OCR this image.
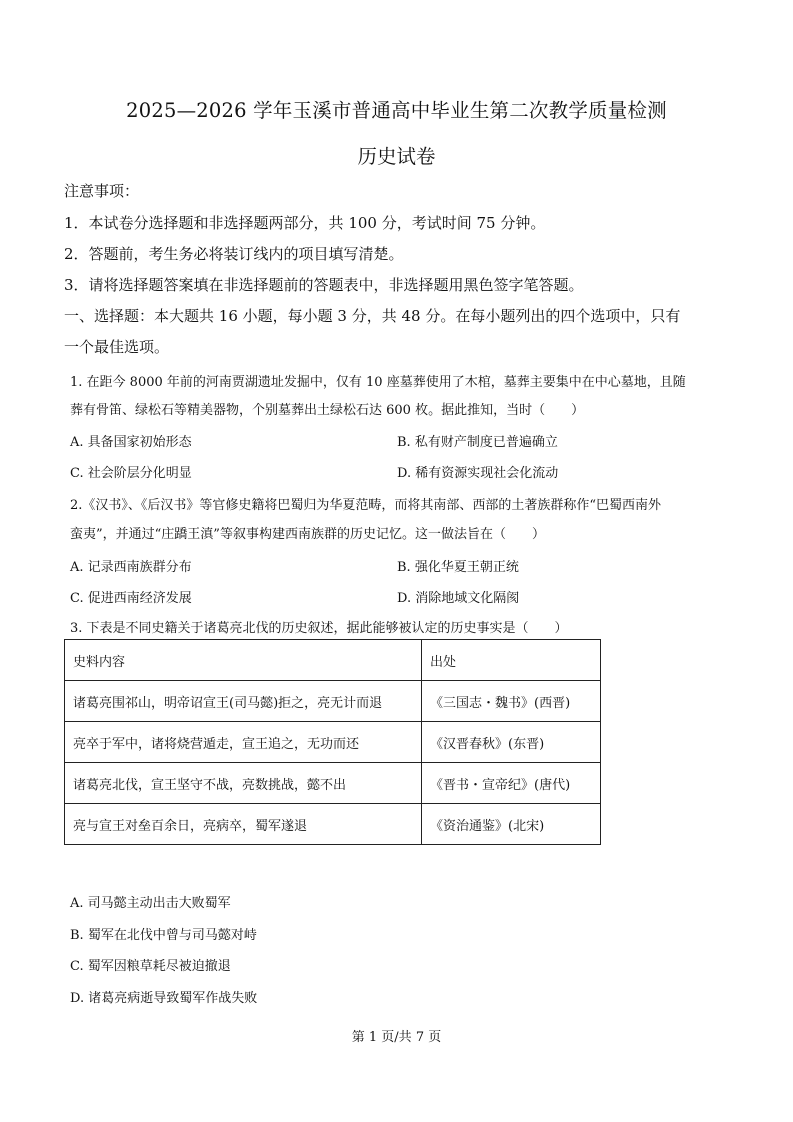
2025—2026 学年玉溪市普通高中毕业生第二次教学质量检测
历史试卷
注意事项：
1．本试卷分选择题和非选择题两部分，共 100 分，考试时间 75 分钟。
2．答题前，考生务必将装订线内的项目填写清楚。
3．请将选择题答案填在非选择题前的答题表中，非选择题用黑色签字笔答题。
一、选择题：本大题共 16 小题，每小题 3 分，共 48 分。在每小题列出的四个选项中，只有
一个最佳选项。
1. 在距今 8000 年前的河南贾湖遗址发掘中，仅有 10 座墓葬使用了木棺，墓葬主要集中在中心墓地，且随
葬有骨笛、绿松石等精美器物，个别墓葬出土绿松石达 600 枚。据此推知，当时（　　）
A. 具备国家初始形态	B. 私有财产制度已普遍确立
C. 社会阶层分化明显	D. 稀有资源实现社会化流动
2.《汉书》、《后汉书》等官修史籍将巴蜀归为华夏范畴，而将其南部、西部的土著族群称作“巴蜀西南外
蛮夷”，并通过“庄蹻王滇”等叙事构建西南族群的历史记忆。这一做法旨在（　　）
A. 记录西南族群分布	B. 强化华夏王朝正统
C. 促进西南经济发展	D. 消除地域文化隔阂
3. 下表是不同史籍关于诸葛亮北伐的历史叙述，据此能够被认定的历史事实是（　　）
史料内容	出处
诸葛亮围祁山，明帝诏宣王(司马懿)拒之，亮无计而退	《三国志・魏书》(西晋)
亮卒于军中，诸将烧营遁走，宣王追之，无功而还	《汉晋春秋》(东晋)
诸葛亮北伐，宣王坚守不战，亮数挑战，懿不出	《晋书・宣帝纪》(唐代)
亮与宣王对垒百余日，亮病卒，蜀军遂退	《资治通鉴》(北宋)
A. 司马懿主动出击大败蜀军
B. 蜀军在北伐中曾与司马懿对峙
C. 蜀军因粮草耗尽被迫撤退
D. 诸葛亮病逝导致蜀军作战失败
第 1 页/共 7 页
